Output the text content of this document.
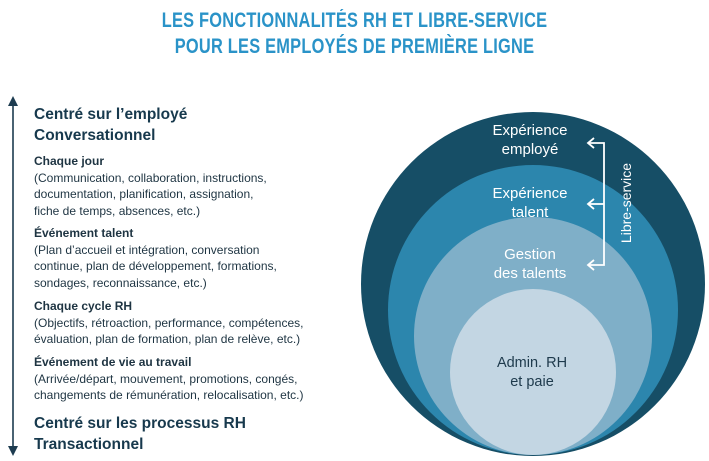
LES FONCTIONNALITÉS RH ET LIBRE-SERVICE
POUR LES EMPLOYÉS DE PREMIÈRE LIGNE
Centré sur l’employé
Conversationnel
Chaque jour
(Communication, collaboration, instructions,
documentation, planification, assignation,
fiche de temps, absences, etc.)
Événement talent
(Plan d’accueil et intégration, conversation
continue, plan de développement, formations,
sondages, reconnaissance, etc.)
Chaque cycle RH
(Objectifs, rétroaction, performance, compétences,
évaluation, plan de formation, plan de relève, etc.)
Événement de vie au travail
(Arrivée/départ, mouvement, promotions, congés,
changements de rémunération, relocalisation, etc.)
Centré sur les processus RH
Transactionnel
Expérience
employé
Expérience
talent
Gestion
des talents
Admin. RH
et paie
Libre-service
